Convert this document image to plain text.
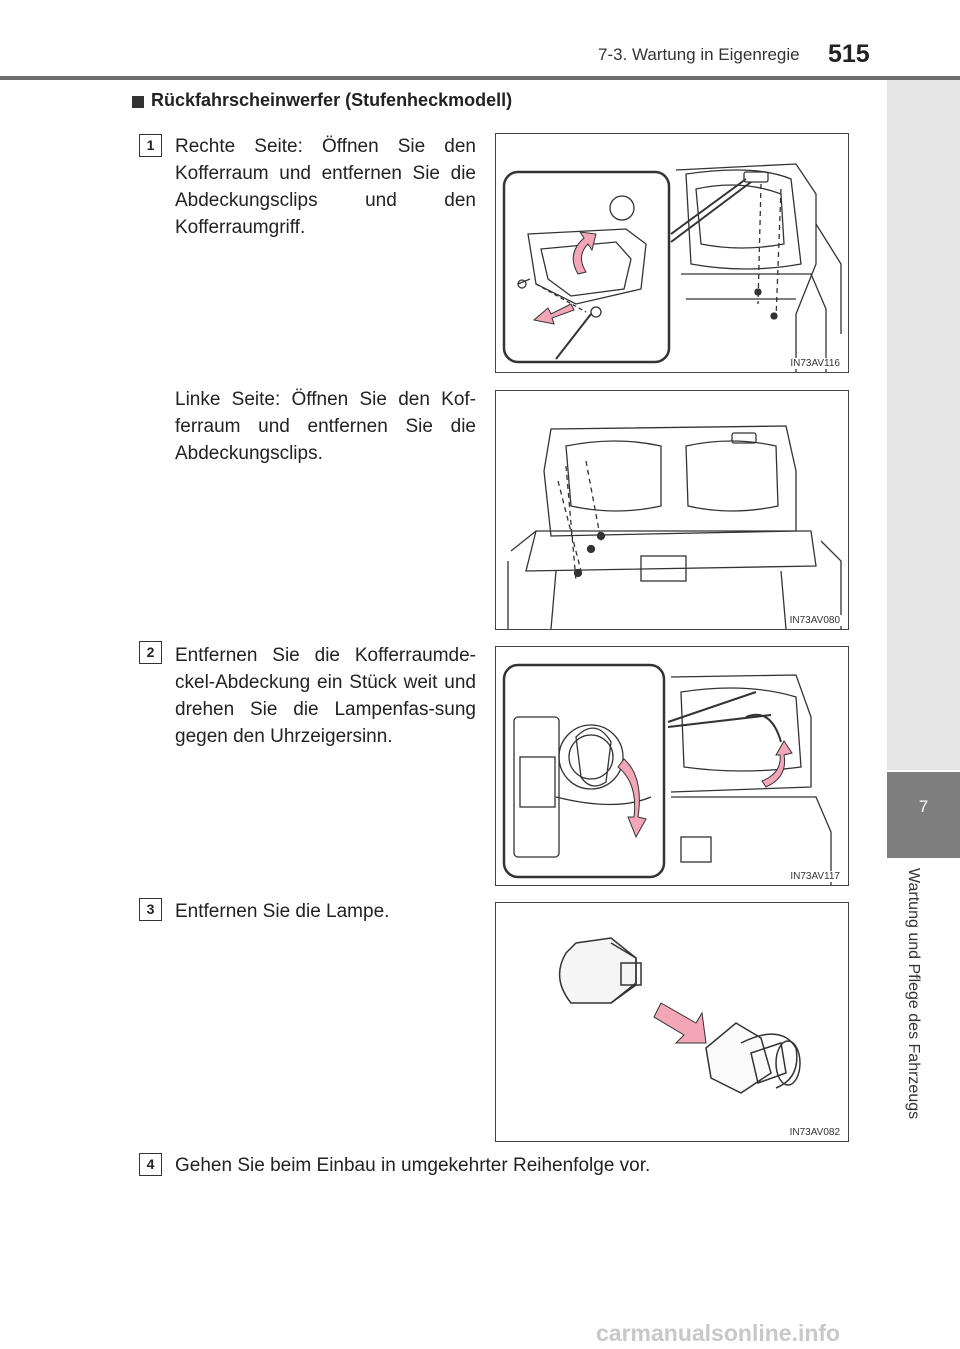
7-3. Wartung in Eigenregie 515
7
Wartung und Pflege des Fahrzeugs
Rückfahrscheinwerfer (Stufenheckmodell)
1	Rechte Seite: Öffnen Sie den Kofferraum und entfernen Sie die Abdeckungsclips und den Kofferraumgriff.
Linke Seite: Öffnen Sie den Kof-ferraum und entfernen Sie die Abdeckungsclips.
2	Entfernen Sie die Kofferraumde-ckel-Abdeckung ein Stück weit und drehen Sie die Lampenfas-sung gegen den Uhrzeigersinn.
3	Entfernen Sie die Lampe.
4	Gehen Sie beim Einbau in umgekehrter Reihenfolge vor.
IN73AV116
IN73AV080
IN73AV117
IN73AV082
carmanualsonline.info
